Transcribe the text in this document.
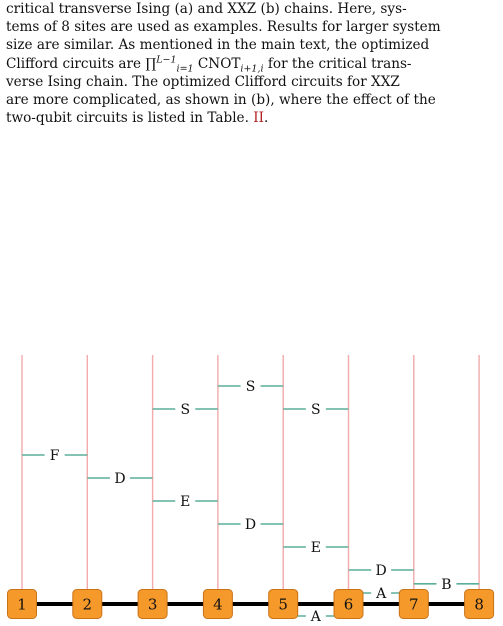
critical transverse Ising (a) and XXZ (b) chains. Here, sys-

tems of 8 sites are used as examples. Results for larger system

size are similar. As mentioned in the main text, the optimized

Clifford circuits are ∏$^{L-1}_{i=1}$ $CNOT_{i+1,i}$ for the critical trans-

verse Ising chain. The optimized Clifford circuits for XXZ

are more complicated, as shown in (b), where the effect of the

two-qubit circuits is listed in Table. II.

S
S
S
F
D
E
D
E
D
B
A
A
1	2	3	4	5	6	7	8
